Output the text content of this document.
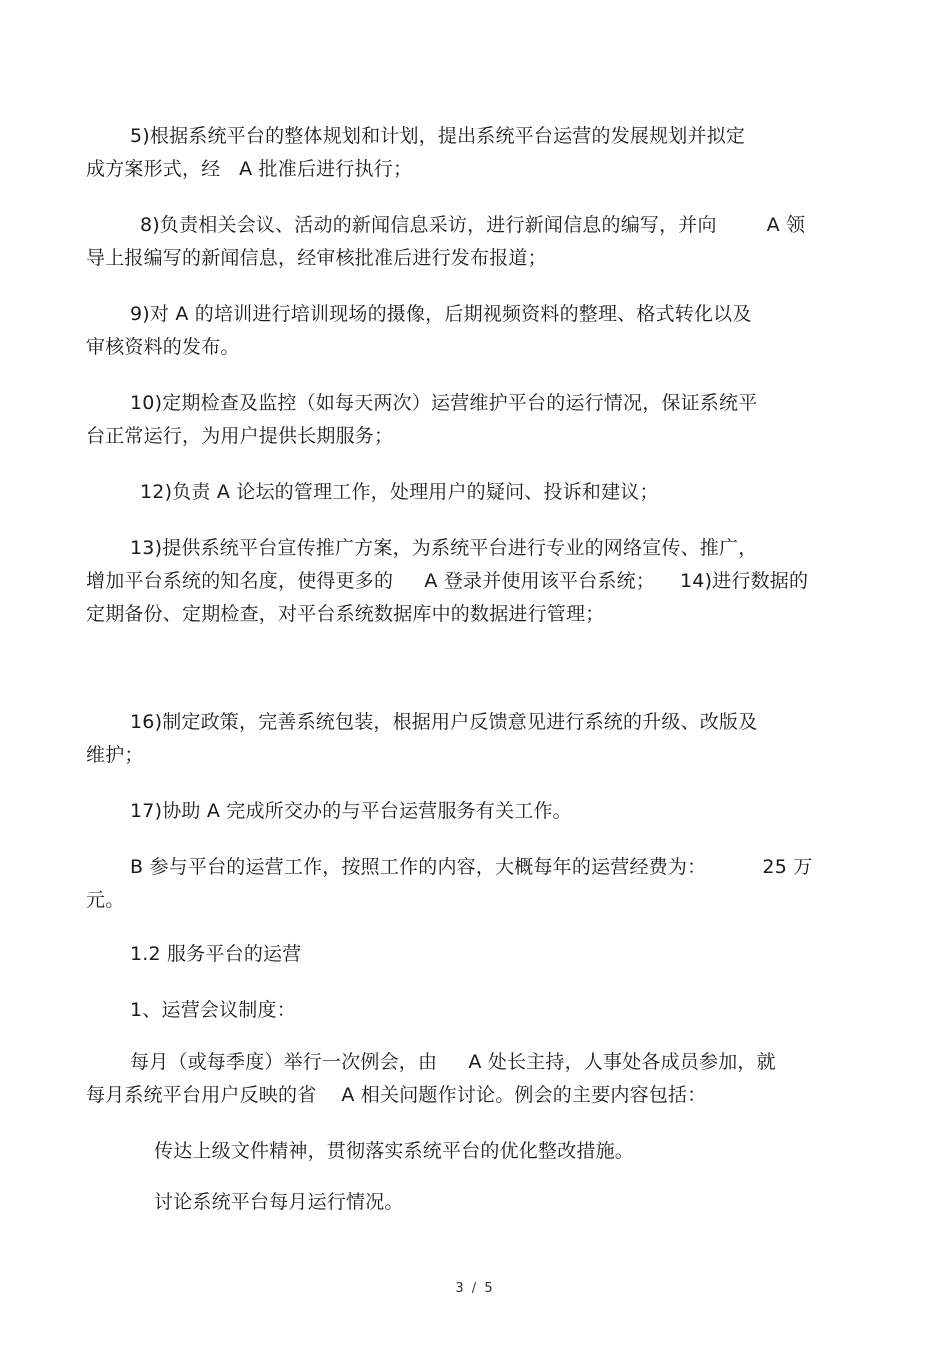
5)根据系统平台的整体规划和计划，提出系统平台运营的发展规划并拟定
成方案形式，经   A 批准后进行执行；
8)负责相关会议、活动的新闻信息采访，进行新闻信息的编写，并向        A 领
导上报编写的新闻信息，经审核批准后进行发布报道；
9)对 A 的培训进行培训现场的摄像，后期视频资料的整理、格式转化以及
审核资料的发布。
10)定期检查及监控（如每天两次）运营维护平台的运行情况，保证系统平
台正常运行，为用户提供长期服务；
12)负责 A 论坛的管理工作，处理用户的疑问、投诉和建议；
13)提供系统平台宣传推广方案，为系统平台进行专业的网络宣传、推广，
增加平台系统的知名度，使得更多的     A 登录并使用该平台系统；    14)进行数据的
定期备份、定期检查，对平台系统数据库中的数据进行管理；
16)制定政策，完善系统包装，根据用户反馈意见进行系统的升级、改版及
维护；
17)协助 A 完成所交办的与平台运营服务有关工作。
B 参与平台的运营工作，按照工作的内容，大概每年的运营经费为：         25 万
元。
1.2 服务平台的运营
1、运营会议制度：
每月（或每季度）举行一次例会，由     A 处长主持，人事处各成员参加，就
每月系统平台用户反映的省    A 相关问题作讨论。例会的主要内容包括：
传达上级文件精神，贯彻落实系统平台的优化整改措施。
讨论系统平台每月运行情况。
3 / 5
